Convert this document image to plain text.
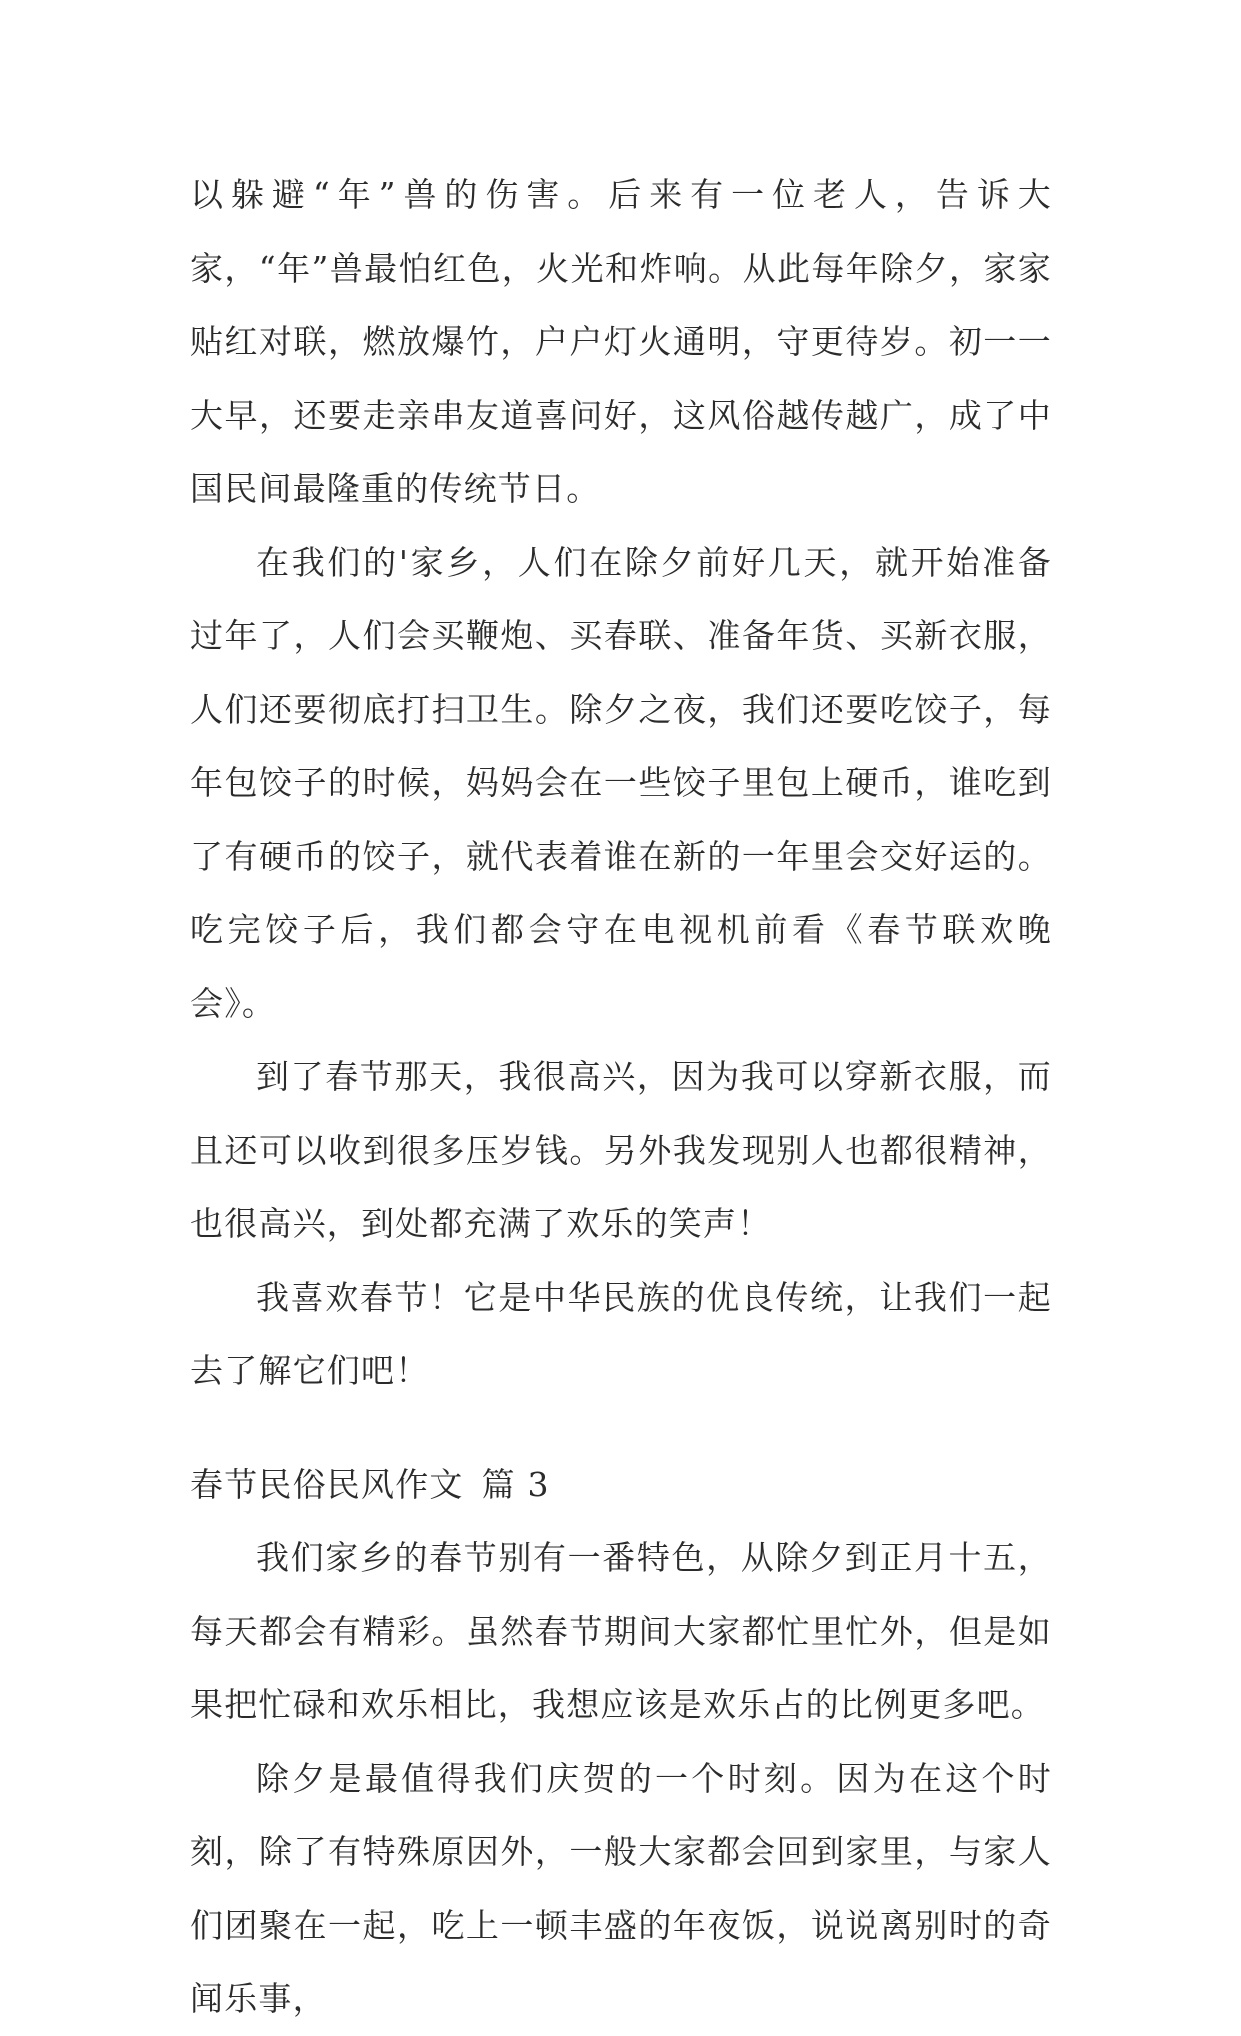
以躲避“年”兽的伤害。后来有一位老人，告诉大家，“年”兽最怕红色，火光和炸响。从此每年除夕，家家贴红对联，燃放爆竹，户户灯火通明，守更待岁。初一一大早，还要走亲串友道喜问好，这风俗越传越广，成了中国民间最隆重的传统节日。

在我们的'家乡，人们在除夕前好几天，就开始准备过年了，人们会买鞭炮、买春联、准备年货、买新衣服，人们还要彻底打扫卫生。除夕之夜，我们还要吃饺子，每年包饺子的时候，妈妈会在一些饺子里包上硬币，谁吃到了有硬币的饺子，就代表着谁在新的一年里会交好运的。吃完饺子后，我们都会守在电视机前看《春节联欢晚会》。

到了春节那天，我很高兴，因为我可以穿新衣服，而且还可以收到很多压岁钱。另外我发现别人也都很精神，也很高兴，到处都充满了欢乐的笑声！

我喜欢春节！它是中华民族的优良传统，让我们一起去了解它们吧！

春节民俗民风作文 篇 3

我们家乡的春节别有一番特色，从除夕到正月十五，每天都会有精彩。虽然春节期间大家都忙里忙外，但是如果把忙碌和欢乐相比，我想应该是欢乐占的比例更多吧。

除夕是最值得我们庆贺的一个时刻。因为在这个时刻，除了有特殊原因外，一般大家都会回到家里，与家人们团聚在一起，吃上一顿丰盛的年夜饭，说说离别时的奇闻乐事，
